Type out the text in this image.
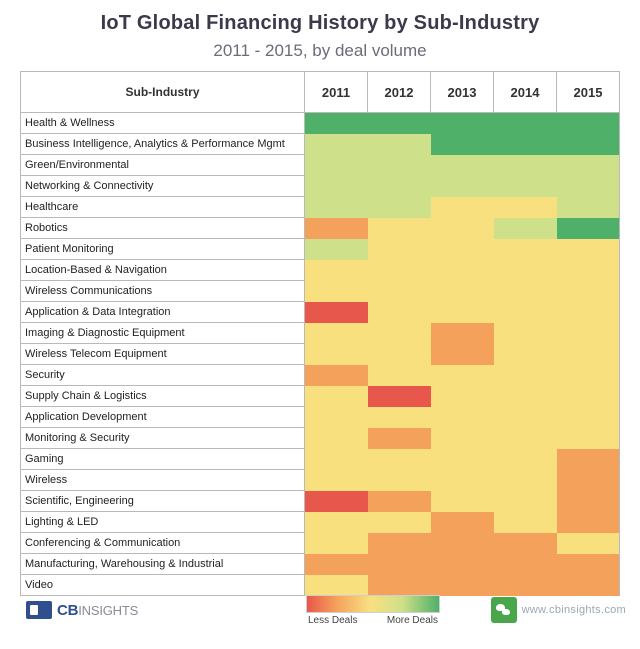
IoT Global Financing History by Sub-Industry
2011 - 2015, by deal volume
Sub-Industry	2011	2012	2013	2014	2015
Health & Wellness					
Business Intelligence, Analytics & Performance Mgmt					
Green/Environmental					
Networking & Connectivity					
Healthcare					
Robotics					
Patient Monitoring					
Location-Based & Navigation					
Wireless Communications					
Application & Data Integration					
Imaging & Diagnostic Equipment					
Wireless Telecom Equipment					
Security					
Supply Chain & Logistics					
Application Development					
Monitoring & Security					
Gaming					
Wireless					
Scientific, Engineering					
Lighting & LED					
Conferencing & Communication					
Manufacturing, Warehousing & Industrial					
Video					
CBINSIGHTS
Less Deals	More Deals
www.cbinsights.com
